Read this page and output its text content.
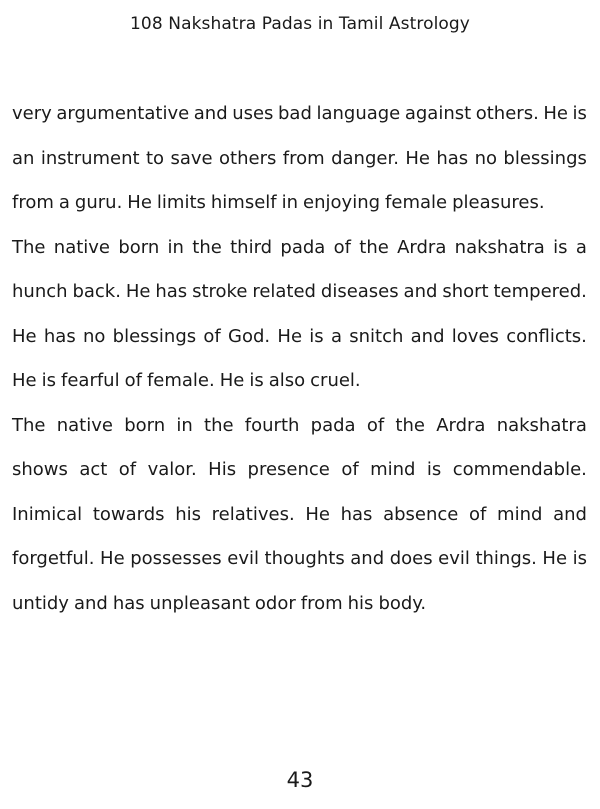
108 Nakshatra Padas in Tamil Astrology
very argumentative and uses bad language against others. He is
an instrument to save others from danger. He has no blessings
from a guru. He limits himself in enjoying female pleasures.
The native born in the third pada of the Ardra nakshatra is a
hunch back. He has stroke related diseases and short tempered.
He has no blessings of God. He is a snitch and loves conflicts.
He is fearful of female. He is also cruel.
The native born in the fourth pada of the Ardra nakshatra
shows act of valor. His presence of mind is commendable.
Inimical towards his relatives. He has absence of mind and
forgetful. He possesses evil thoughts and does evil things. He is
untidy and has unpleasant odor from his body.
43
